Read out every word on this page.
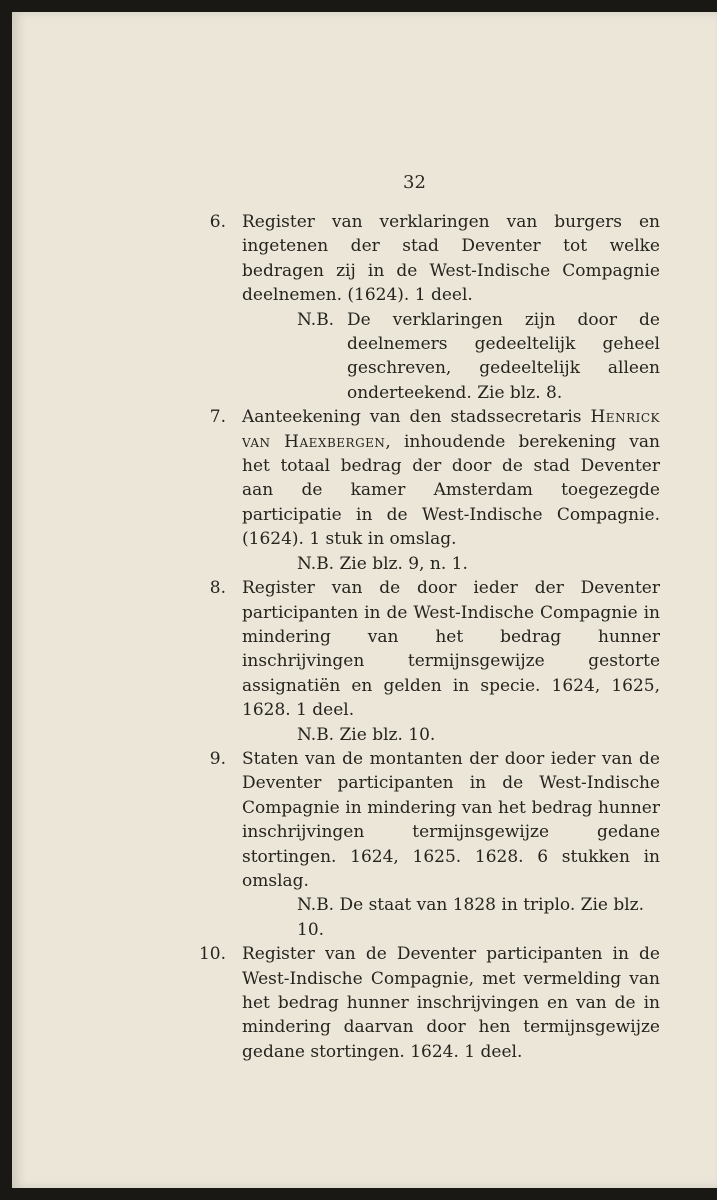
32
6. Register van verklaringen van burgers en ingetenen der stad Deventer tot welke bedragen zij in de West-Indische Compagnie deelnemen. (1624). 1 deel.
N.B. De verklaringen zijn door de deelnemers gedeeltelijk geheel geschreven, gedeeltelijk alleen onderteekend. Zie blz. 8.
7. Aanteekening van den stadssecretaris Henrick van Haexbergen, inhoudende berekening van het totaal bedrag der door de stad Deventer aan de kamer Amsterdam toegezegde participatie in de West-Indische Compagnie. (1624). 1 stuk in omslag.
N.B. Zie blz. 9, n. 1.
8. Register van de door ieder der Deventer participanten in de West-Indische Compagnie in mindering van het bedrag hunner inschrijvingen termijnsgewijze gestorte assignatiën en gelden in specie. 1624, 1625, 1628. 1 deel.
N.B. Zie blz. 10.
9. Staten van de montanten der door ieder van de Deventer participanten in de West-Indische Compagnie in mindering van het bedrag hunner inschrijvingen termijnsgewijze gedane stortingen. 1624, 1625. 1628. 6 stukken in omslag.
N.B. De staat van 1828 in triplo. Zie blz. 10.
10. Register van de Deventer participanten in de West-Indische Compagnie, met vermelding van het bedrag hunner inschrijvingen en van de in mindering daarvan door hen termijnsgewijze gedane stortingen. 1624. 1 deel.
